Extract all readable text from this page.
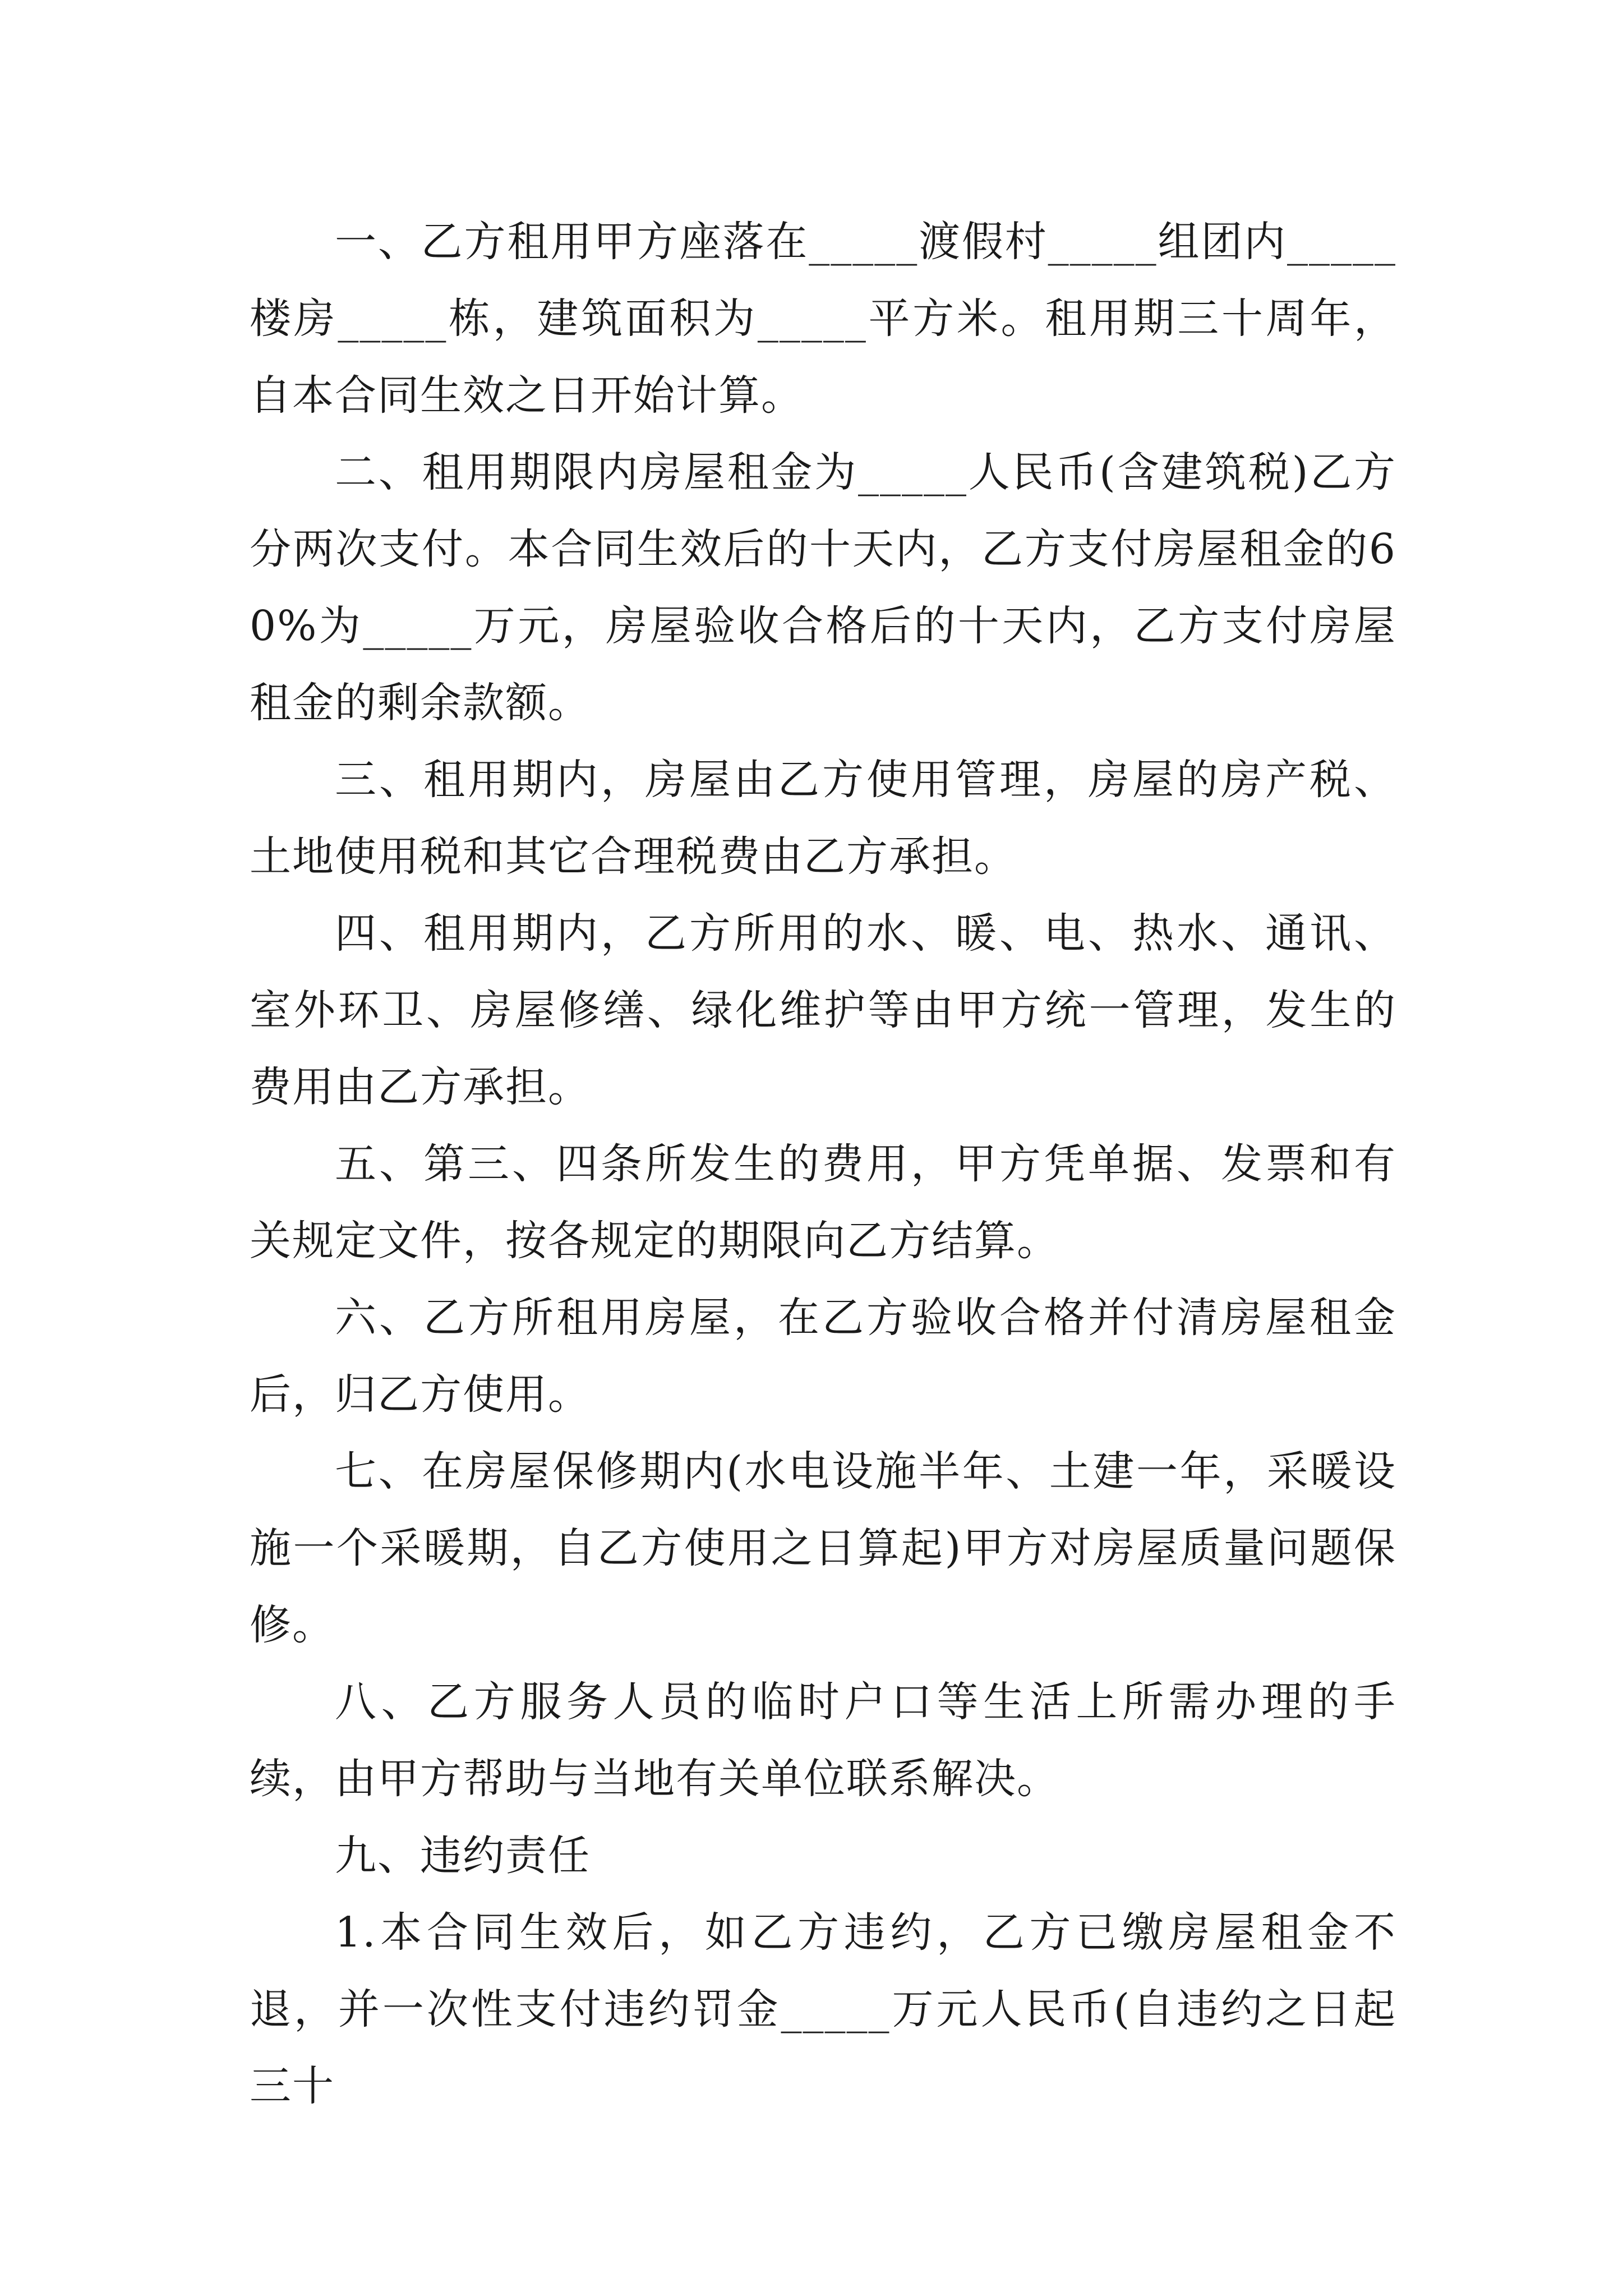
一、乙方租用甲方座落在_____渡假村_____组团内_____楼房_____栋，建筑面积为_____平方米。租用期三十周年，自本合同生效之日开始计算。

二、租用期限内房屋租金为_____人民币(含建筑税)乙方分两次支付。本合同生效后的十天内，乙方支付房屋租金的60%为_____万元，房屋验收合格后的十天内，乙方支付房屋租金的剩余款额。

三、租用期内，房屋由乙方使用管理，房屋的房产税、土地使用税和其它合理税费由乙方承担。

四、租用期内，乙方所用的水、暖、电、热水、通讯、室外环卫、房屋修缮、绿化维护等由甲方统一管理，发生的费用由乙方承担。

五、第三、四条所发生的费用，甲方凭单据、发票和有关规定文件，按各规定的期限向乙方结算。

六、乙方所租用房屋，在乙方验收合格并付清房屋租金后，归乙方使用。

七、在房屋保修期内(水电设施半年、土建一年，采暖设施一个采暖期，自乙方使用之日算起)甲方对房屋质量问题保修。

八、乙方服务人员的临时户口等生活上所需办理的手续，由甲方帮助与当地有关单位联系解决。

九、违约责任

1.本合同生效后，如乙方违约，乙方已缴房屋租金不退，并一次性支付违约罚金_____万元人民币(自违约之日起三十
